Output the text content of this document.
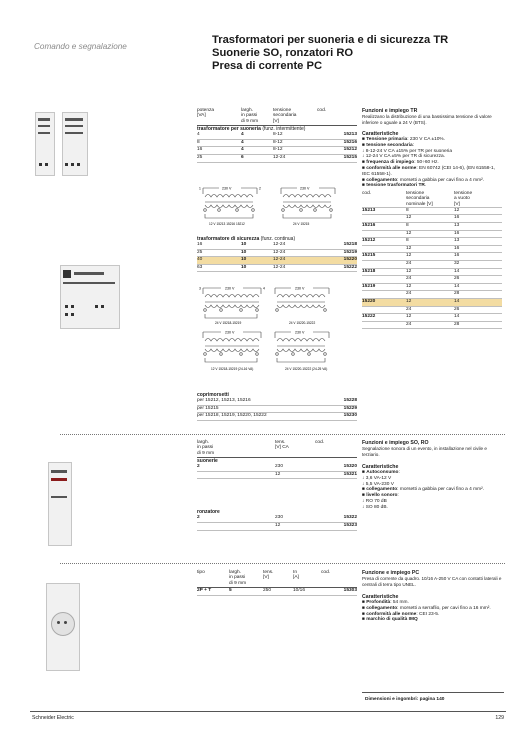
Comando e segnalazione
Trasformatori per suoneria e di sicurezza TR
Suonerie SO, ronzatori RO
Presa di corrente PC
potenza
[VA]	largh.
in passi
di 9 mm	tensione
secondaria
[V]	cod.
trasformatore per suoneria (funz. intermittente)
4	4	8-12	15213
8	4	8-12	15216
16	4	8-12	15212
25	6	12-24	15215
230 V	230 V
1	2
12 V 15213 15216 15212	24 V 15215
trasformatore di sicurezza (funz. continua)
16	10	12-24	15218
25	10	12-24	15219
40	10	12-24	15220
63	10	12-24	15222
230 V	230 V
230 V	230 V
3	4
24 V 15218-15219	24 V 15220-15222
12 V 15218-15219 (24-16 VA)	24 V 15220-15222 (24-25 VA)
coprimorsetti
per 15212, 15213, 15216	15228
per 15215	15229
per 15218, 15219, 15220, 15222	15230
Funzioni e impiego TR
Realizzano la distribuzione di una bassissima tensione di valore inferiore o uguale a 24 V (BTS).
Caratteristiche
■ Tensione primaria: 230 V CA ±10%.
■ tensione secondaria:
↓ 8-12-24 V CA ±15% per TR per suoneria
↓ 12-24 V CA ±5% per TR di sicurezza.
■ frequenza di impiego: 50÷60 Hz.
■ conformità alle norme: EN 60742 (CEI 14-6), (EN 61558-1, IEC 61558-1).
■ collegamento: morsetti a gabbia per cavi fino a 4 mm².
■ tensione trasformatori TR.
cod.	tensione
secondaria
nominale [V]	tensione
a vuoto
[V]
15213	8	12
	12	16
15216	8	13
	12	16
15212	8	13
	12	16
15215	12	16
	24	32
15218	12	14
	24	26
15219	12	14
	24	28
15220	12	14
	24	26
15222	12	14
	24	28
largh.
in passi
di 9 mm	tens.
[V] CA	cod.
suonerie
2	230	15320
	12	15321
ronzatore
2	230	15322
	12	15323
Funzioni e impiego SO, RO
Segnalazione sonora di un evento, in installazione nel civile e terziario.
Caratteristiche
■ Autoconsumo:
↓ 3,6 VA-12 V
↓ 5,5 VA-230 V
■ collegamento: morsetti a gabbia per cavi fino a 4 mm².
■ livello sonoro:
↓ RO 70 dB
↓ SO 80 dB.
tipo	largh.
in passi
di 9 mm	tens.
[V]	In
[A]	cod.
2P + T	5	250	10/16	15303
Funzione e impiego PC
Presa di corrente da quadro. 10/16 A-250 V CA con contatti laterali e centrali di terra tipo UNEL.
Caratteristiche
■ Profondità: 54 mm.
■ collegamento: morsetti a serraflio, per cavi fino a 16 mm².
■ conformità alle norme: CEI 23-5.
■ marchio di qualità IMQ
Dimensioni e ingombri: pagina 140
Schneider Electric	129
